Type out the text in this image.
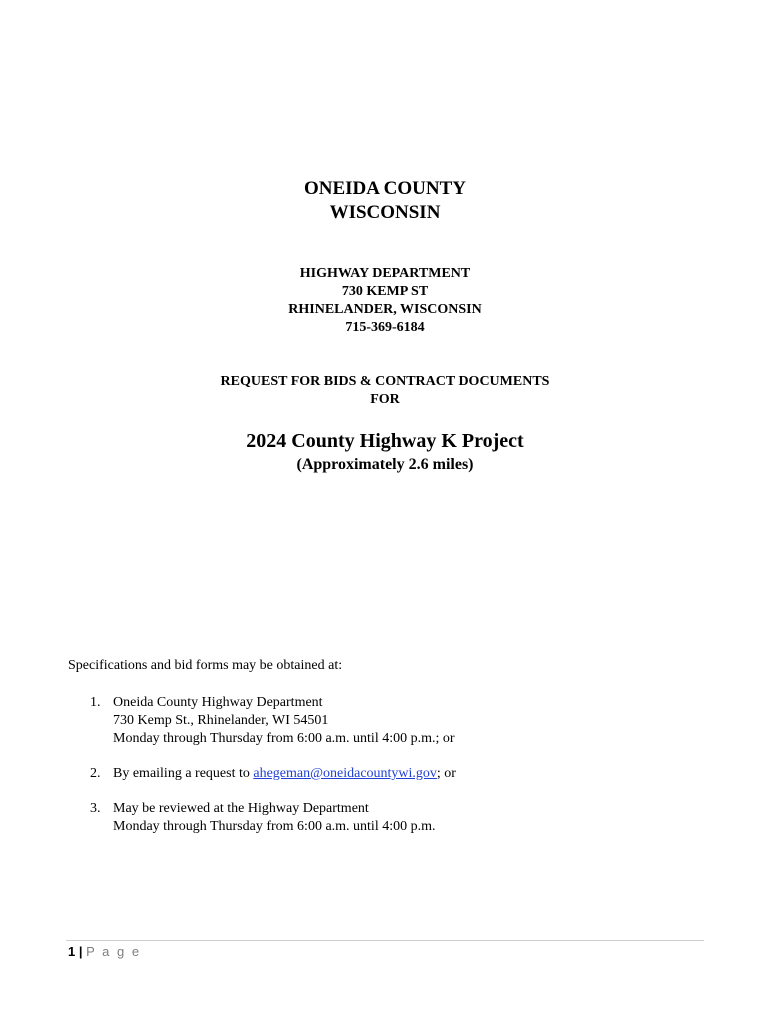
ONEIDA COUNTY
WISCONSIN
HIGHWAY DEPARTMENT
730 KEMP ST
RHINELANDER, WISCONSIN
715-369-6184
REQUEST FOR BIDS & CONTRACT DOCUMENTS
FOR
2024 County Highway K Project
(Approximately 2.6 miles)
Specifications and bid forms may be obtained at:
1. Oneida County Highway Department
730 Kemp St., Rhinelander, WI 54501
Monday through Thursday from 6:00 a.m. until 4:00 p.m.; or
2. By emailing a request to ahegeman@oneidacountywi.gov; or
3. May be reviewed at the Highway Department
Monday through Thursday from 6:00 a.m. until 4:00 p.m.
1 | P a g e
